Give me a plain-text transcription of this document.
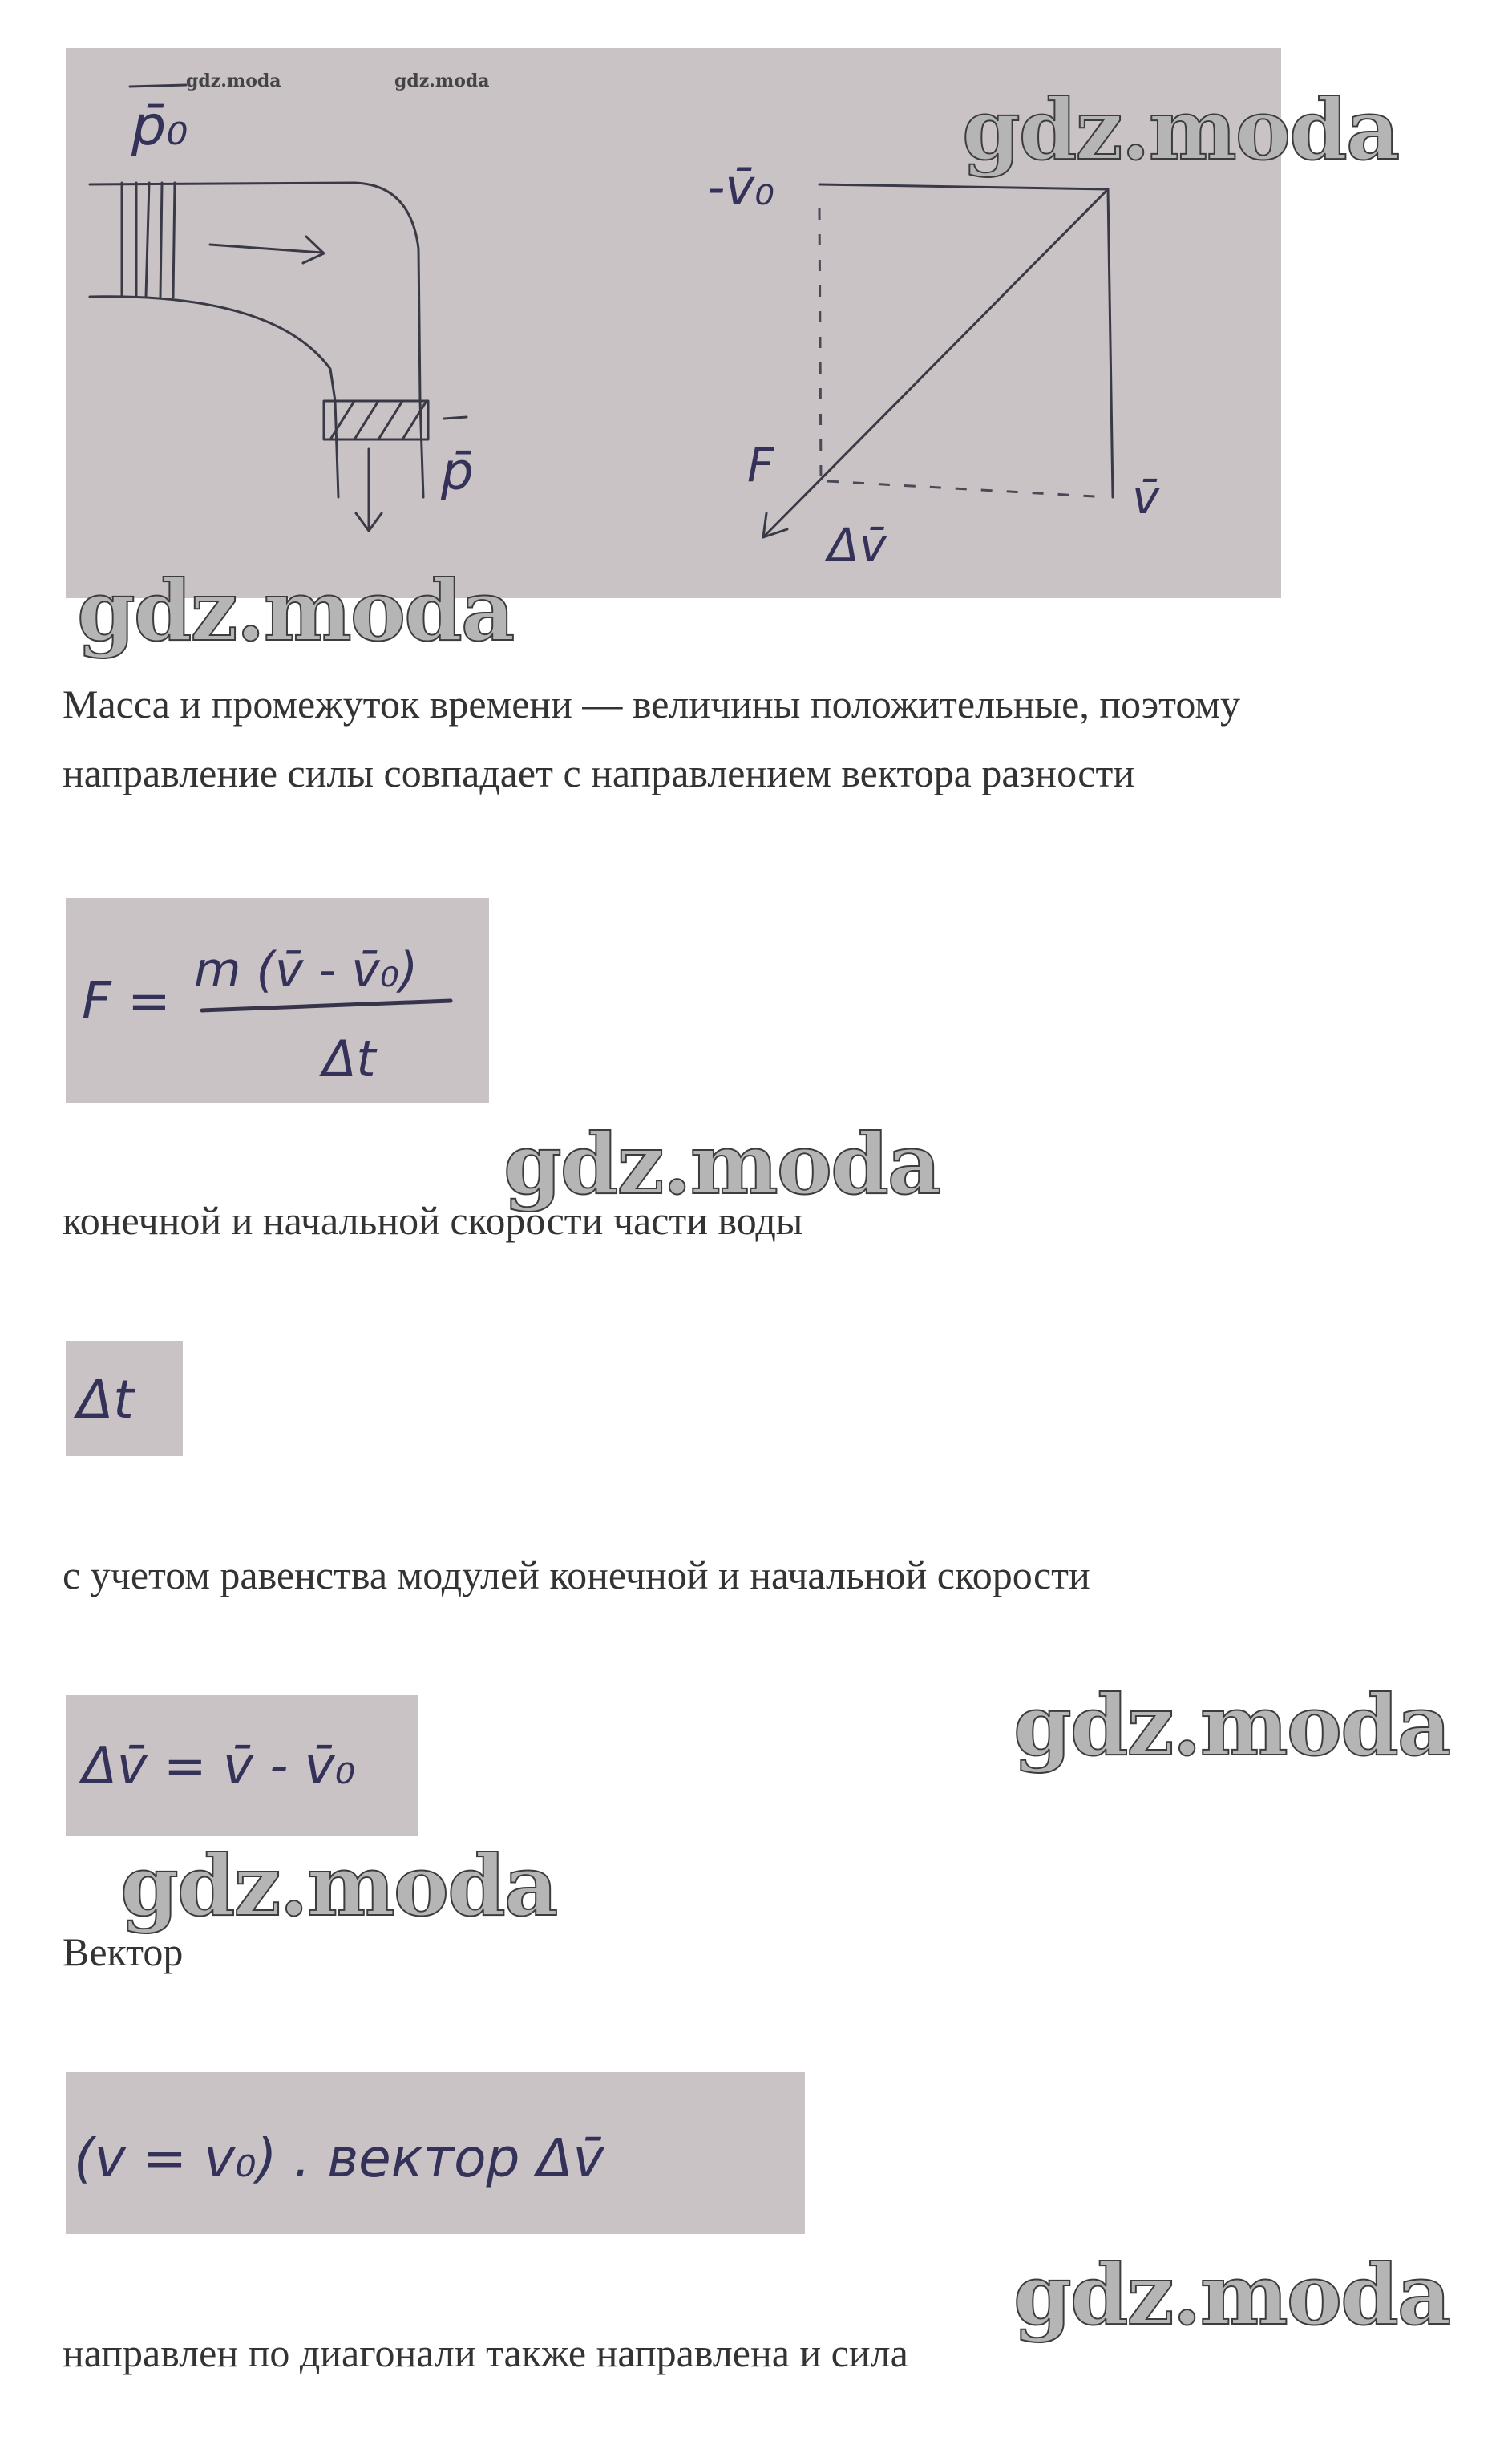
gdz.moda	gdz.moda
p̄₀
p̄
-v̄₀
F
Δv̄
v̄
gdz.moda
gdz.moda
Масса и промежуток времени — величины положительные, поэтому
направление силы совпадает с направлением вектора разности
F =
m (v̄ - v̄₀)
Δt
gdz.moda
конечной и начальной скорости части воды
Δt
с учетом равенства модулей конечной и начальной скорости
Δv̄ = v̄ - v̄₀	gdz.moda
gdz.moda
Вектор
(v = v₀) . вектор Δv̄
gdz.moda
направлен по диагонали также направлена и сила
